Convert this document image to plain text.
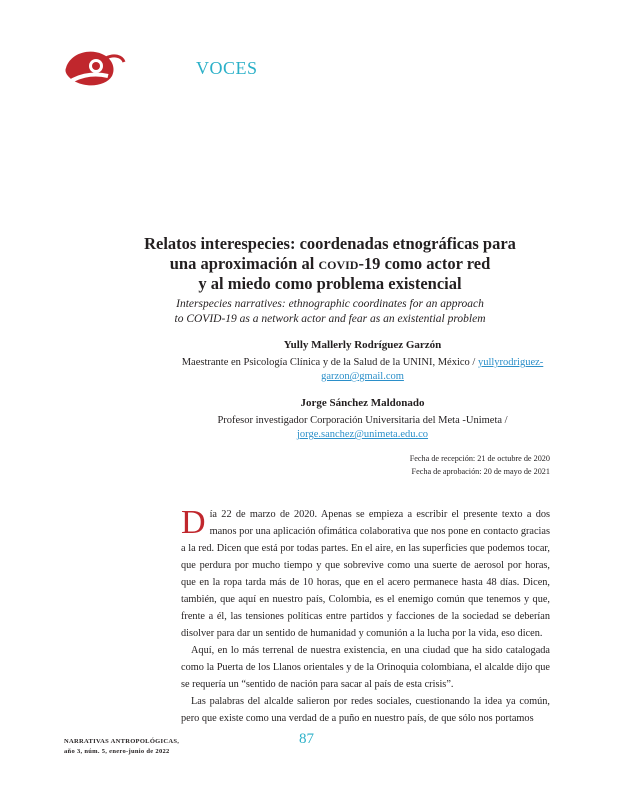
VOCES

Relatos interespecies: coordenadas etnográficas para
una aproximación al covid-19 como actor red
y al miedo como problema existencial

Interspecies narratives: ethnographic coordinates for an approach
to COVID-19 as a network actor and fear as an existential problem

Yully Mallerly Rodríguez Garzón
Maestrante en Psicología Clínica y de la Salud de la UNINI, México / yullyrodriguez-
garzon@gmail.com
Jorge Sánchez Maldonado
Profesor investigador Corporación Universitaria del Meta -Unimeta /
jorge.sanchez@unimeta.edu.co
Fecha de recepción: 21 de octubre de 2020
Fecha de aprobación: 20 de mayo de 2021

Día 22 de marzo de 2020. Apenas se empieza a escribir el presente texto a dos manos por una aplicación ofimática colaborativa que nos pone en contacto gracias a la red. Dicen que está por todas partes. En el aire, en las superficies que podemos tocar, que perdura por mucho tiempo y que sobrevive como una suerte de aerosol por horas, que en la ropa tarda más de 10 horas, que en el acero permanece hasta 48 días. Dicen, también, que aquí en nuestro país, Colombia, es el enemigo común que tenemos y que, frente a él, las tensiones políticas entre partidos y facciones de la sociedad se deberían disolver para dar un sentido de humanidad y comunión a la lucha por la vida, eso dicen.

Aquí, en lo más terrenal de nuestra existencia, en una ciudad que ha sido catalogada como la Puerta de los Llanos orientales y de la Orinoquia colombiana, el alcalde dijo que se requería un “sentido de nación para sacar al país de esta crisis”.

Las palabras del alcalde salieron por redes sociales, cuestionando la idea ya común, pero que existe como una verdad de a puño en nuestro país, de que sólo nos portamos

NARRATIVAS ANTROPOLÓGICAS,
año 3, núm. 5, enero-junio de 2022
87
